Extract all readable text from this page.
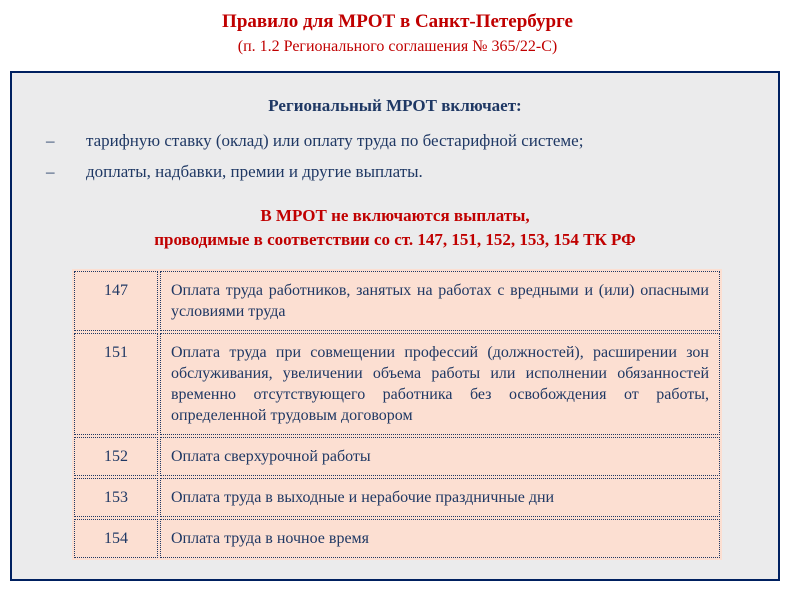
Правило для МРОТ в Санкт-Петербурге
(п. 1.2 Регионального соглашения № 365/22-С)
Региональный МРОТ включает:
–	тарифную ставку (оклад) или оплату труда по бестарифной системе;
–	доплаты, надбавки, премии и другие выплаты.
В МРОТ не включаются выплаты,
проводимые в соответствии со ст. 147, 151, 152, 153, 154 ТК РФ
147	Оплата труда работников, занятых на работах с вредными и (или) опасными условиями труда
151	Оплата труда при совмещении профессий (должностей), расширении зон обслуживания, увеличении объема работы или исполнении обязанностей временно отсутствующего работника без освобождения от работы, определенной трудовым договором
152	Оплата сверхурочной работы
153	Оплата труда в выходные и нерабочие праздничные дни
154	Оплата труда в ночное время
